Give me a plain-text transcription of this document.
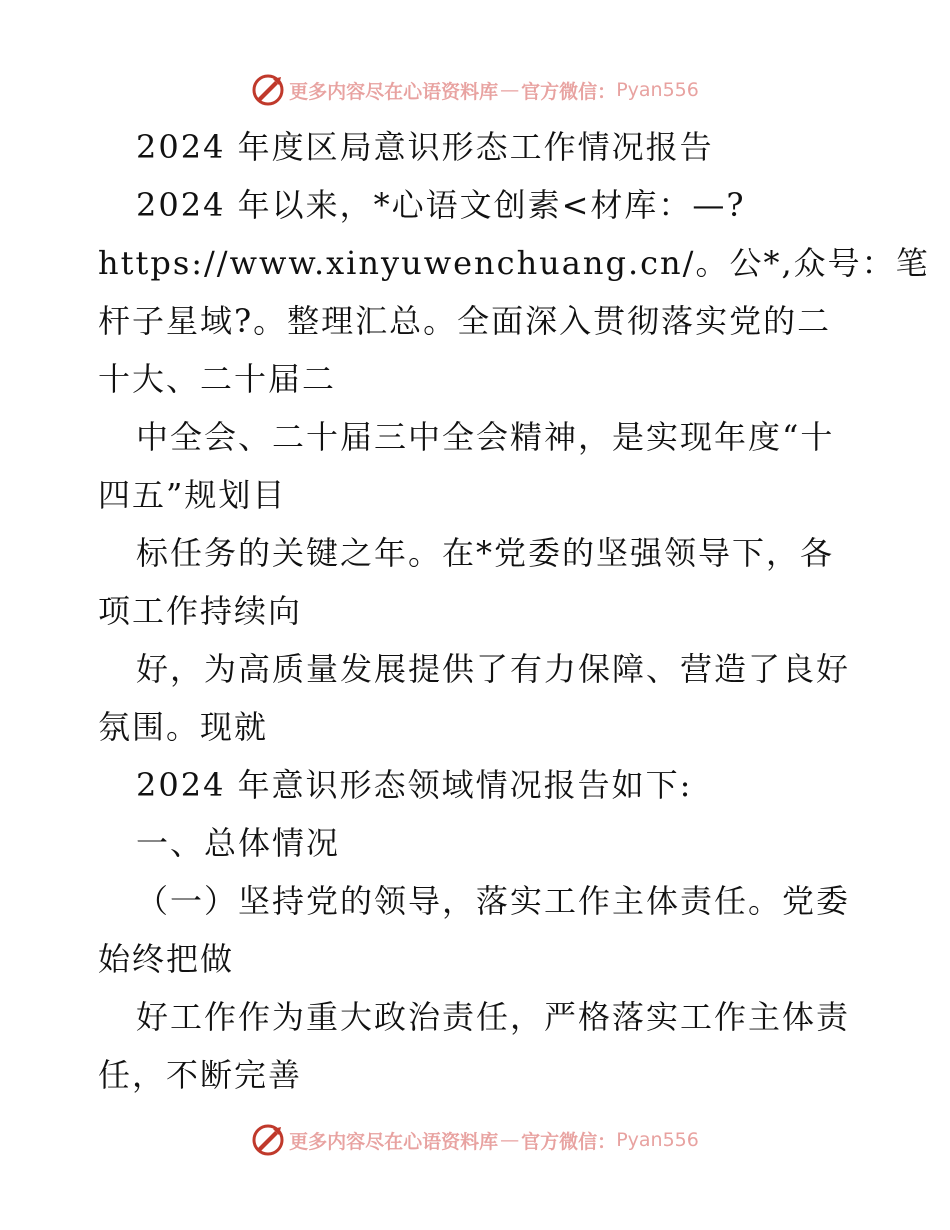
更多内容尽在心语资料库 — 官方微信： Pyan556
2024 年度区局意识形态工作情况报告
2024 年以来，*心语文创素<材库：—?
https://www.xinyuwenchuang.cn/。公*,众号：笔
杆子星域?。整理汇总。全面深入贯彻落实党的二
十大、二十届二
中全会、二十届三中全会精神，是实现年度“十
四五”规划目
标任务的关键之年。在*党委的坚强领导下，各
项工作持续向
好，为高质量发展提供了有力保障、营造了良好
氛围。现就
2024 年意识形态领域情况报告如下:
一、总体情况
（一）坚持党的领导，落实工作主体责任。党委
始终把做
好工作作为重大政治责任，严格落实工作主体责
任，不断完善
更多内容尽在心语资料库 — 官方微信： Pyan556
